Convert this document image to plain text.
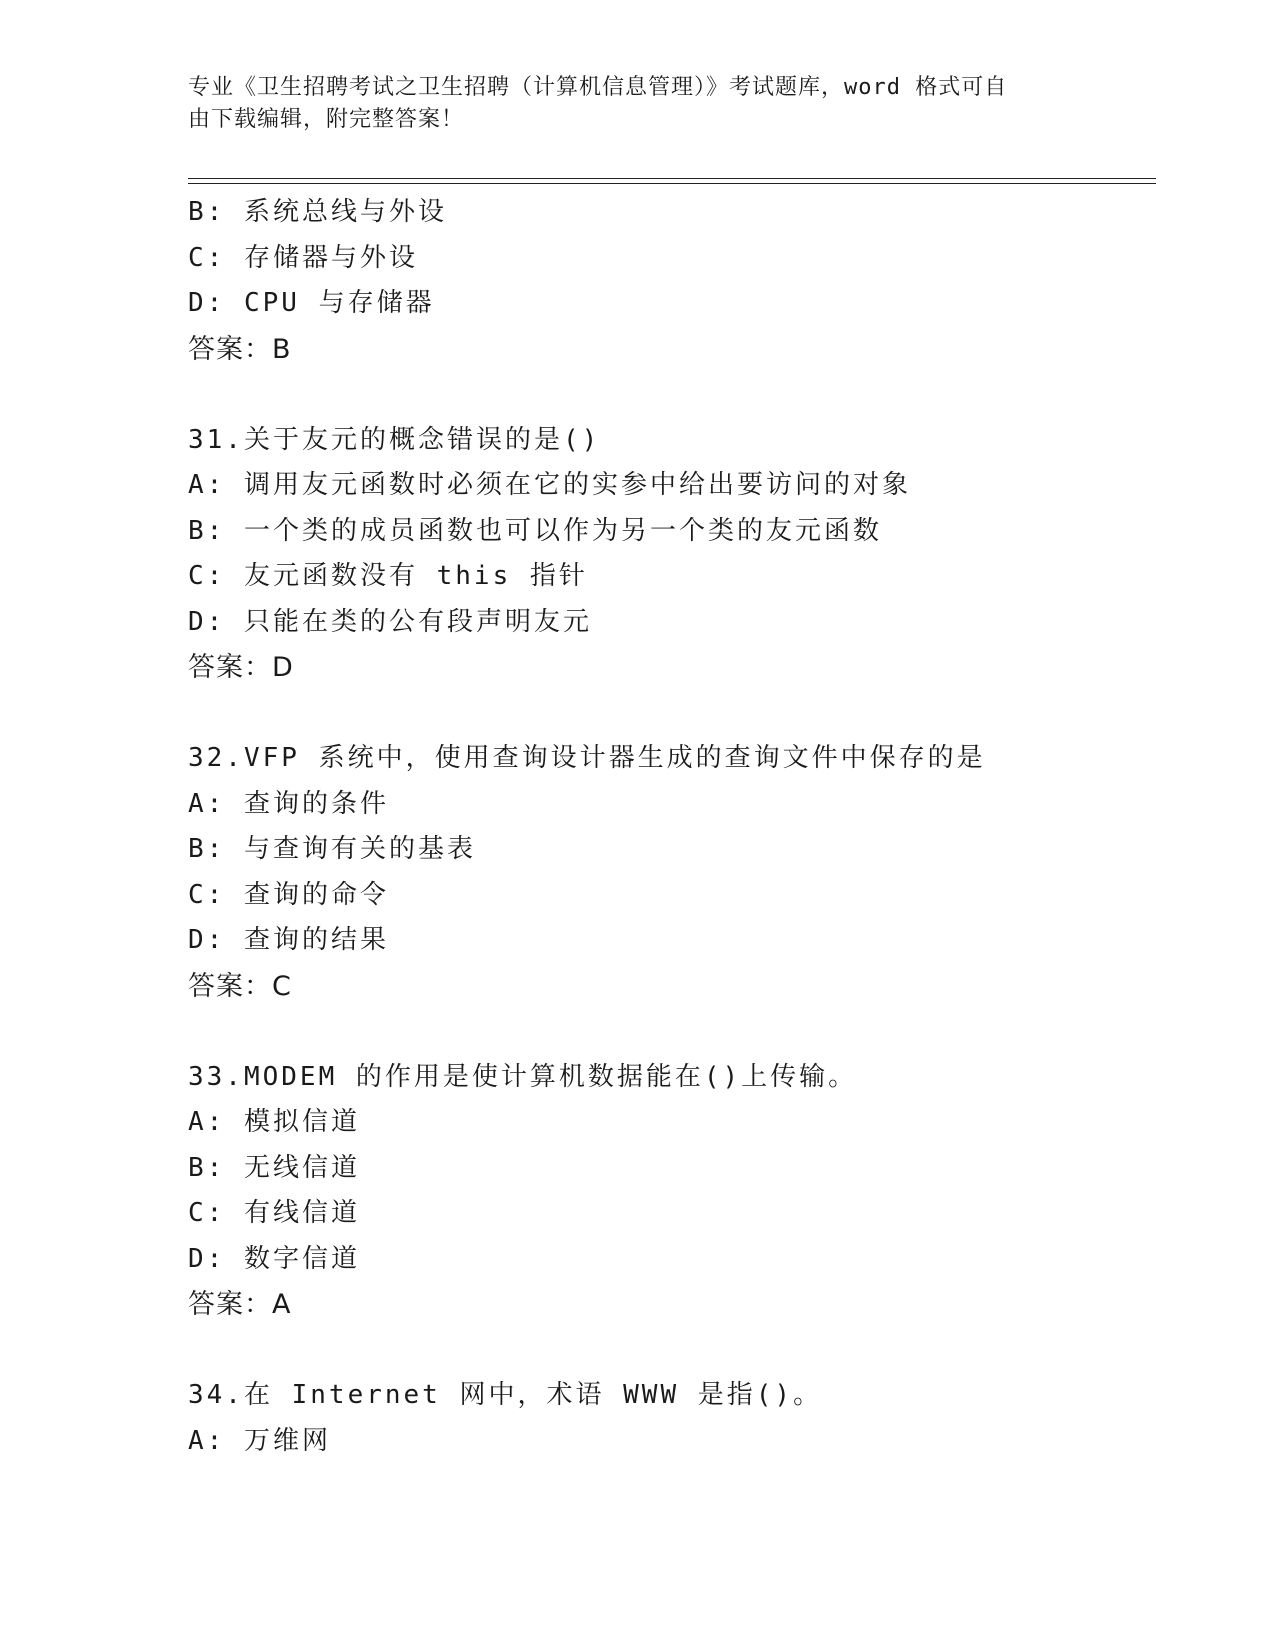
专业《卫生招聘考试之卫生招聘（计算机信息管理）》考试题库，word 格式可自
由下载编辑，附完整答案！
B: 系统总线与外设
C: 存储器与外设
D: CPU 与存储器
答案：B
31.关于友元的概念错误的是()
A: 调用友元函数时必须在它的实参中给出要访问的对象
B: 一个类的成员函数也可以作为另一个类的友元函数
C: 友元函数没有 this 指针
D: 只能在类的公有段声明友元
答案：D
32.VFP 系统中，使用查询设计器生成的查询文件中保存的是
A: 查询的条件
B: 与查询有关的基表
C: 查询的命令
D: 查询的结果
答案：C
33.MODEM 的作用是使计算机数据能在()上传输。
A: 模拟信道
B: 无线信道
C: 有线信道
D: 数字信道
答案：A
34.在 Internet 网中，术语 WWW 是指()。
A: 万维网
